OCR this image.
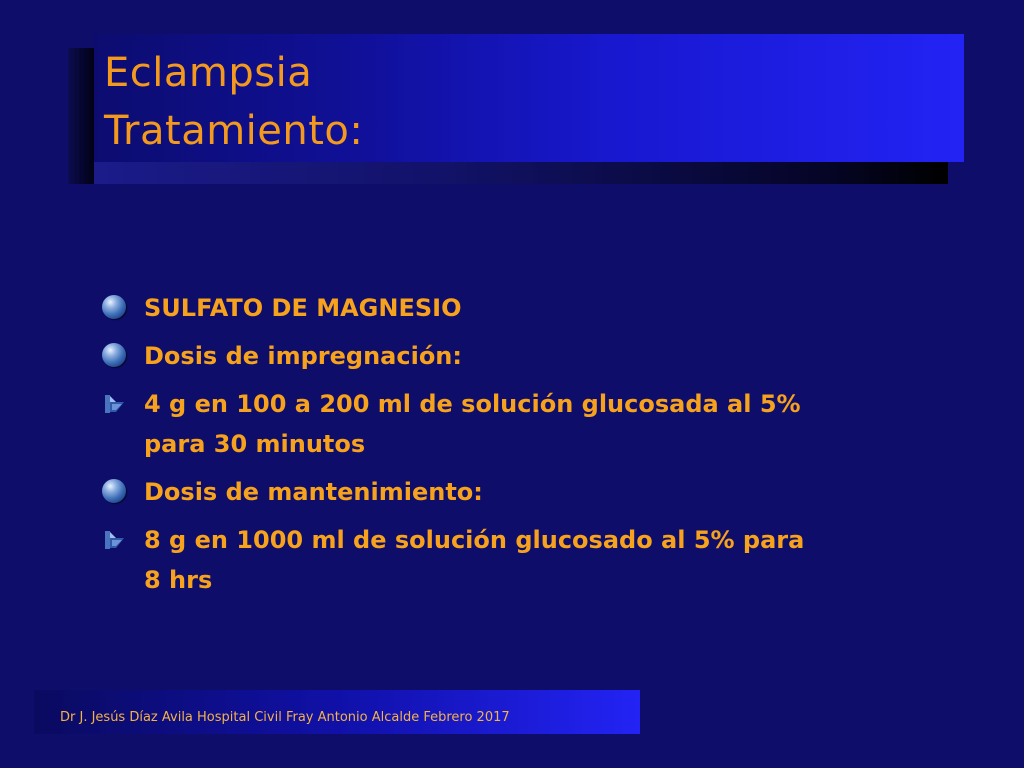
Eclampsia
Tratamiento:
SULFATO DE MAGNESIO
Dosis de impregnación:
4 g en 100 a 200 ml de solución glucosada al 5% para 30 minutos
Dosis de mantenimiento:
8 g en 1000 ml de solución glucosado al 5% para 8 hrs
Dr J. Jesús Díaz Avila Hospital Civil Fray Antonio Alcalde Febrero 2017
